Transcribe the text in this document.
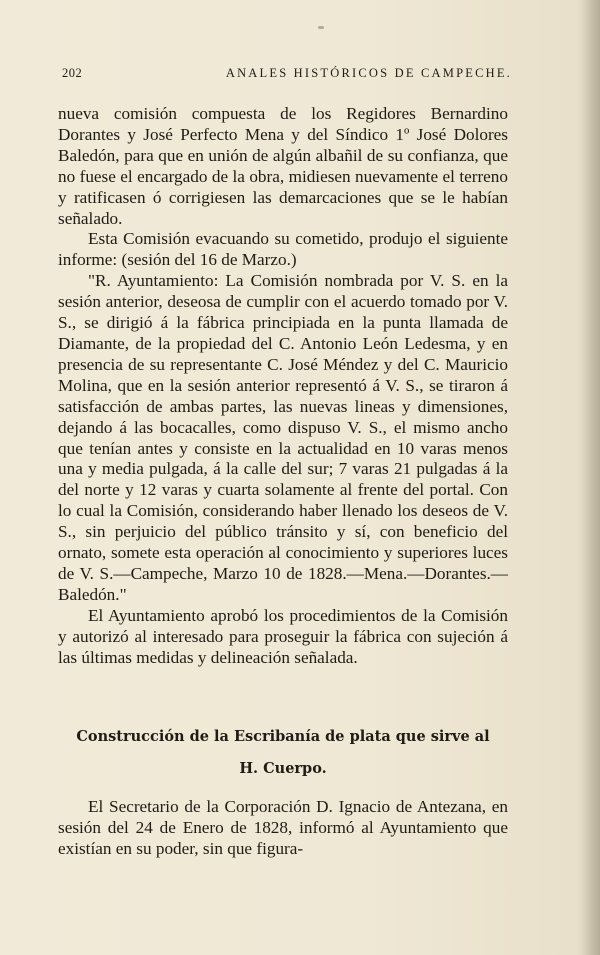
202	ANALES HISTÓRICOS DE CAMPECHE.

nueva comisión compuesta de los Regidores Bernardino Dorantes y José Perfecto Mena y del Síndico 1º José Dolores Baledón, para que en unión de algún albañil de su confianza, que no fuese el encargado de la obra, midiesen nuevamente el terreno y ratificasen ó corrigiesen las demarcaciones que se le habían señalado.

Esta Comisión evacuando su cometido, produjo el siguiente informe: (sesión del 16 de Marzo.)

"R. Ayuntamiento: La Comisión nombrada por V. S. en la sesión anterior, deseosa de cumplir con el acuerdo tomado por V. S., se dirigió á la fábrica principiada en la punta llamada de Diamante, de la propiedad del C. Antonio León Ledesma, y en presencia de su representante C. José Méndez y del C. Mauricio Molina, que en la sesión anterior representó á V. S., se tiraron á satisfacción de ambas partes, las nuevas lineas y dimensiones, dejando á las bocacalles, como dispuso V. S., el mismo ancho que tenían antes y consiste en la actualidad en 10 varas menos una y media pulgada, á la calle del sur; 7 varas 21 pulgadas á la del norte y 12 varas y cuarta solamente al frente del portal. Con lo cual la Comisión, considerando haber llenado los deseos de V. S., sin perjuicio del público tránsito y sí, con beneficio del ornato, somete esta operación al conocimiento y superiores luces de V. S.—Campeche, Marzo 10 de 1828.—Mena.—Dorantes.—Baledón."

El Ayuntamiento aprobó los procedimientos de la Comisión y autorizó al interesado para proseguir la fábrica con sujeción á las últimas medidas y delineación señalada.

Construcción de la Escribanía de plata que sirve al
H. Cuerpo.

El Secretario de la Corporación D. Ignacio de Antezana, en sesión del 24 de Enero de 1828, informó al Ayuntamiento que existían en su poder, sin que figura-
